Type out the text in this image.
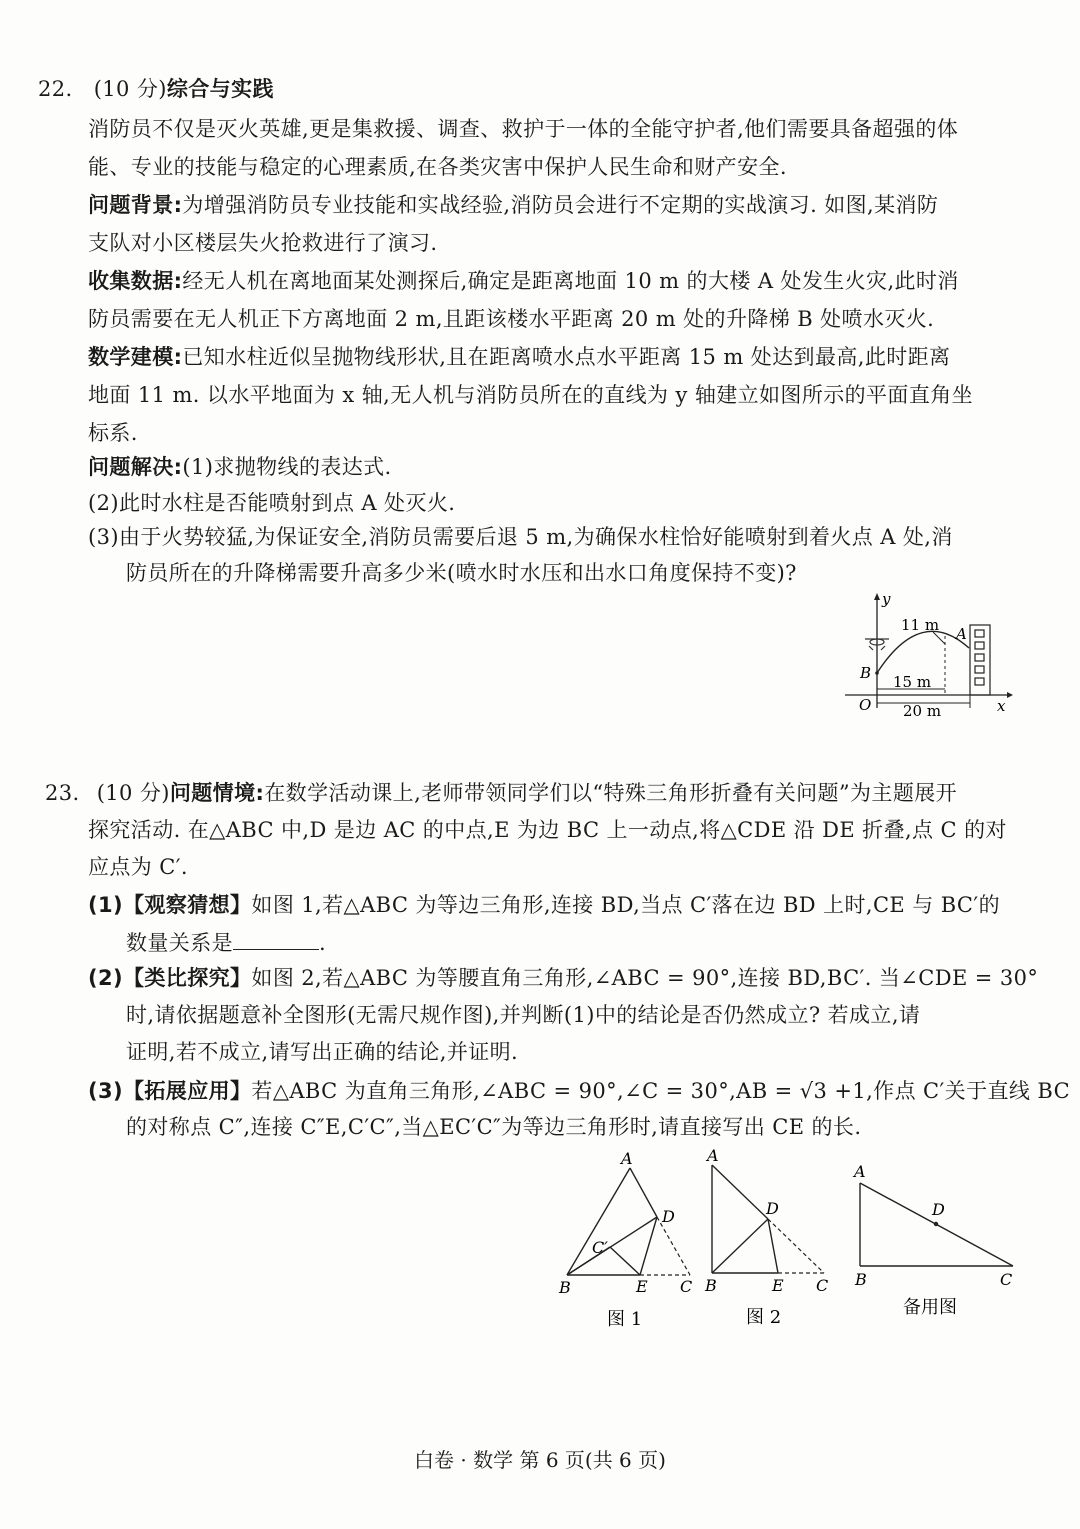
22. (10 分)综合与实践
消防员不仅是灭火英雄,更是集救援、调查、救护于一体的全能守护者,他们需要具备超强的体
能、专业的技能与稳定的心理素质,在各类灾害中保护人民生命和财产安全.
问题背景:为增强消防员专业技能和实战经验,消防员会进行不定期的实战演习. 如图,某消防
支队对小区楼层失火抢救进行了演习.
收集数据:经无人机在离地面某处测探后,确定是距离地面 10 m 的大楼 A 处发生火灾,此时消
防员需要在无人机正下方离地面 2 m,且距该楼水平距离 20 m 处的升降梯 B 处喷水灭火.
数学建模:已知水柱近似呈抛物线形状,且在距离喷水点水平距离 15 m 处达到最高,此时距离
地面 11 m. 以水平地面为 x 轴,无人机与消防员所在的直线为 y 轴建立如图所示的平面直角坐
标系.
问题解决:(1)求抛物线的表达式.
(2)此时水柱是否能喷射到点 A 处灭火.
(3)由于火势较猛,为保证安全,消防员需要后退 5 m,为确保水柱恰好能喷射到着火点 A 处,消
防员所在的升降梯需要升高多少米(喷水时水压和出水口角度保持不变)?
y
x
O
11 m
B
A
15 m
20 m
23. (10 分)问题情境:在数学活动课上,老师带领同学们以“特殊三角形折叠有关问题”为主题展开
探究活动. 在△ABC 中,D 是边 AC 的中点,E 为边 BC 上一动点,将△CDE 沿 DE 折叠,点 C 的对
应点为 C′.
(1)【观察猜想】如图 1,若△ABC 为等边三角形,连接 BD,当点 C′落在边 BD 上时,CE 与 BC′的
数量关系是	.
(2)【类比探究】如图 2,若△ABC 为等腰直角三角形,∠ABC = 90°,连接 BD,BC′. 当∠CDE = 30°
时,请依据题意补全图形(无需尺规作图),并判断(1)中的结论是否仍然成立? 若成立,请
证明,若不成立,请写出正确的结论,并证明.
(3)【拓展应用】若△ABC 为直角三角形,∠ABC = 90°,∠C = 30°,AB = √3 +1,作点 C′关于直线 BC
的对称点 C″,连接 C″E,C′C″,当△EC′C″为等边三角形时,请直接写出 CE 的长.
A
B	C
D
E
C′
图 1
A
B	C
D
E
图 2
A
B	C
D
备用图
白卷 · 数学 第 6 页(共 6 页)
